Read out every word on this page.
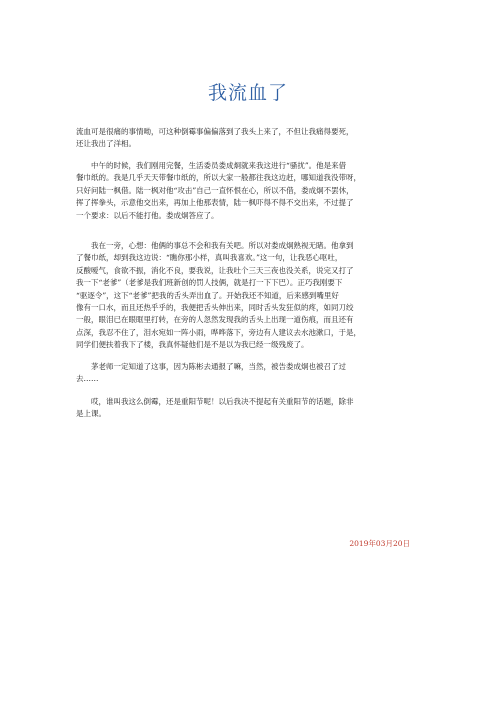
我流血了
流血可是很痛的事情呦，可这种倒霉事偏偏落到了我头上来了，不但让我痛得要死，
还让我出了洋相。
　　中午的时候，我们刚用完餐，生活委员娄成炯就来我这进行“骚扰”。他是来借
餐巾纸的。我是几乎天天带餐巾纸的，所以大家一般都往我这边赶，哪知道我没带呀，
只好问陆一枫借。陆一枫对他“攻击”自己一直怀恨在心，所以不借，娄成炯不罢休，
挥了挥拳头，示意他交出来，再加上他那表情，陆一枫吓得不得不交出来，不过提了
一个要求：以后不能打他。娄成炯答应了。
　　我在一旁，心想：他俩的事总不会和我有关吧。所以对娄成炯熟视无睹。他拿到
了餐巾纸，却到我这边说：“瞧你那小样，真叫我喜欢。”这一句，让我恶心呕吐，
反酸嗳气，食欲不振，消化不良，要我说，让我吐个三天三夜也没关系，说完又打了
我一下“老爹”（老爹是我们班新创的罚人技俩，就是打一下下巴）。正巧我刚要下
“驱逐令”，这下“老爹”把我的舌头弄出血了。开始我还不知道，后来感到嘴里好
像有一口水，而且还热乎乎的，我便把舌头伸出来，同时舌头发狂似的疼，如同刀绞
一般，眼泪已在眼眶里打转，在旁的人忽然发现我的舌头上出现一道伤痕，而且还有
点深，我忍不住了，泪水宛如一阵小雨，哗哗落下，旁边有人建议去水池漱口，于是，
同学们便扶着我下了楼，我真怀疑他们是不是以为我已经一级残废了。
　　茅老师一定知道了这事，因为陈彬去通报了嘛，当然，被告娄成炯也被召了过
去……
　　哎，谁叫我这么倒霉，还是重阳节呢！以后我决不提起有关重阳节的话题，除非
是上课。
2019年03月20日
